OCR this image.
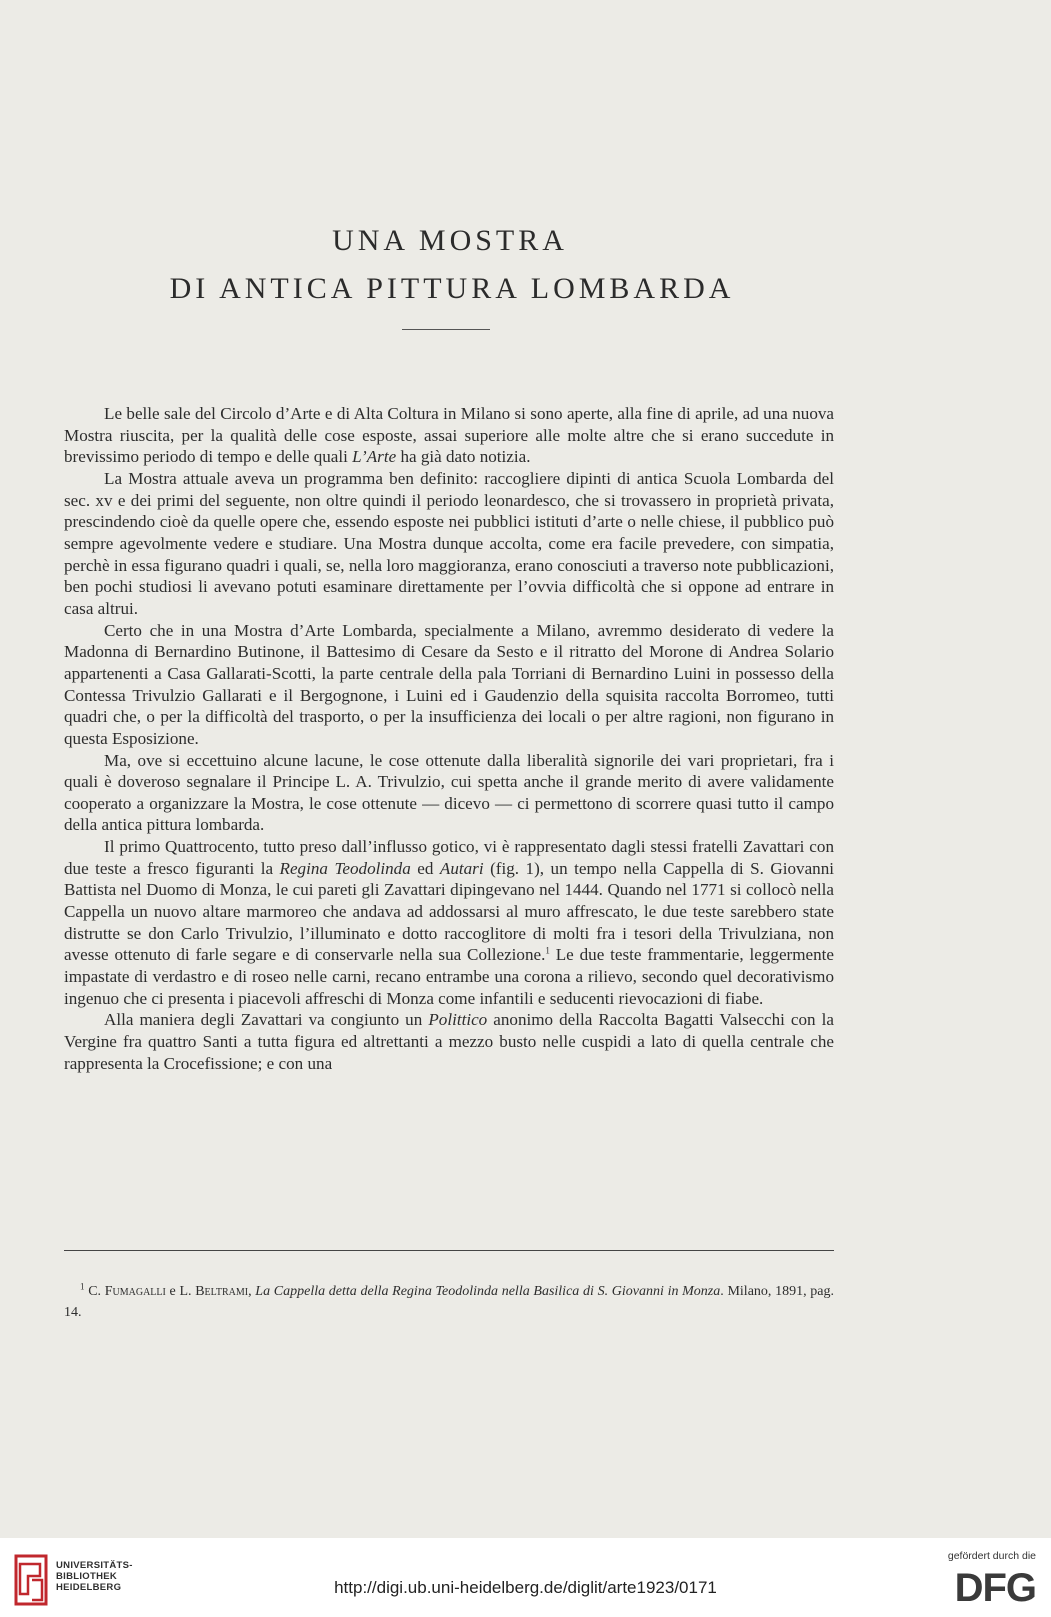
UNA MOSTRA
DI ANTICA PITTURA LOMBARDA

Le belle sale del Circolo d’Arte e di Alta Coltura in Milano si sono aperte, alla fine di aprile, ad una nuova Mostra riuscita, per la qualità delle cose esposte, assai superiore alle molte altre che si erano succedute in brevissimo periodo di tempo e delle quali L’Arte ha già dato notizia.

La Mostra attuale aveva un programma ben definito: raccogliere dipinti di antica Scuola Lombarda del sec. xv e dei primi del seguente, non oltre quindi il periodo leonardesco, che si trovassero in proprietà privata, prescindendo cioè da quelle opere che, essendo esposte nei pubblici istituti d’arte o nelle chiese, il pubblico può sempre agevolmente vedere e studiare. Una Mostra dunque accolta, come era facile prevedere, con simpatia, perchè in essa figurano quadri i quali, se, nella loro maggioranza, erano conosciuti a traverso note pubblicazioni, ben pochi studiosi li avevano potuti esaminare direttamente per l’ovvia difficoltà che si oppone ad entrare in casa altrui.

Certo che in una Mostra d’Arte Lombarda, specialmente a Milano, avremmo desiderato di vedere la Madonna di Bernardino Butinone, il Battesimo di Cesare da Sesto e il ritratto del Morone di Andrea Solario appartenenti a Casa Gallarati-Scotti, la parte centrale della pala Torriani di Bernardino Luini in possesso della Contessa Trivulzio Gallarati e il Bergognone, i Luini ed i Gaudenzio della squisita raccolta Borromeo, tutti quadri che, o per la difficoltà del trasporto, o per la insufficienza dei locali o per altre ragioni, non figurano in questa Esposizione.

Ma, ove si eccettuino alcune lacune, le cose ottenute dalla liberalità signorile dei vari proprietari, fra i quali è doveroso segnalare il Principe L. A. Trivulzio, cui spetta anche il grande merito di avere validamente cooperato a organizzare la Mostra, le cose ottenute — dicevo — ci permettono di scorrere quasi tutto il campo della antica pittura lombarda.

Il primo Quattrocento, tutto preso dall’influsso gotico, vi è rappresentato dagli stessi fratelli Zavattari con due teste a fresco figuranti la Regina Teodolinda ed Autari (fig. 1), un tempo nella Cappella di S. Giovanni Battista nel Duomo di Monza, le cui pareti gli Zavattari dipingevano nel 1444. Quando nel 1771 si collocò nella Cappella un nuovo altare marmoreo che andava ad addossarsi al muro affrescato, le due teste sarebbero state distrutte se don Carlo Trivulzio, l’illuminato e dotto raccoglitore di molti fra i tesori della Trivulziana, non avesse ottenuto di farle segare e di conservarle nella sua Collezione.$^1$ Le due teste frammentarie, leggermente impastate di verdastro e di roseo nelle carni, recano entrambe una corona a rilievo, secondo quel decorativismo ingenuo che ci presenta i piacevoli affreschi di Monza come infantili e seducenti rievocazioni di fiabe.

Alla maniera degli Zavattari va congiunto un Polittico anonimo della Raccolta Bagatti Valsecchi con la Vergine fra quattro Santi a tutta figura ed altrettanti a mezzo busto nelle cuspidi a lato di quella centrale che rappresenta la Crocefissione; e con una

$^1$ C. Fumagalli e L. Beltrami, La Cappella detta della Regina Teodolinda nella Basilica di S. Giovanni in Monza. Milano, 1891, pag. 14.
UNIVERSITÄTS-
BIBLIOTHEK
HEIDELBERG	http://digi.ub.uni-heidelberg.de/diglit/arte1923/0171
gefördert durch die
DFG
